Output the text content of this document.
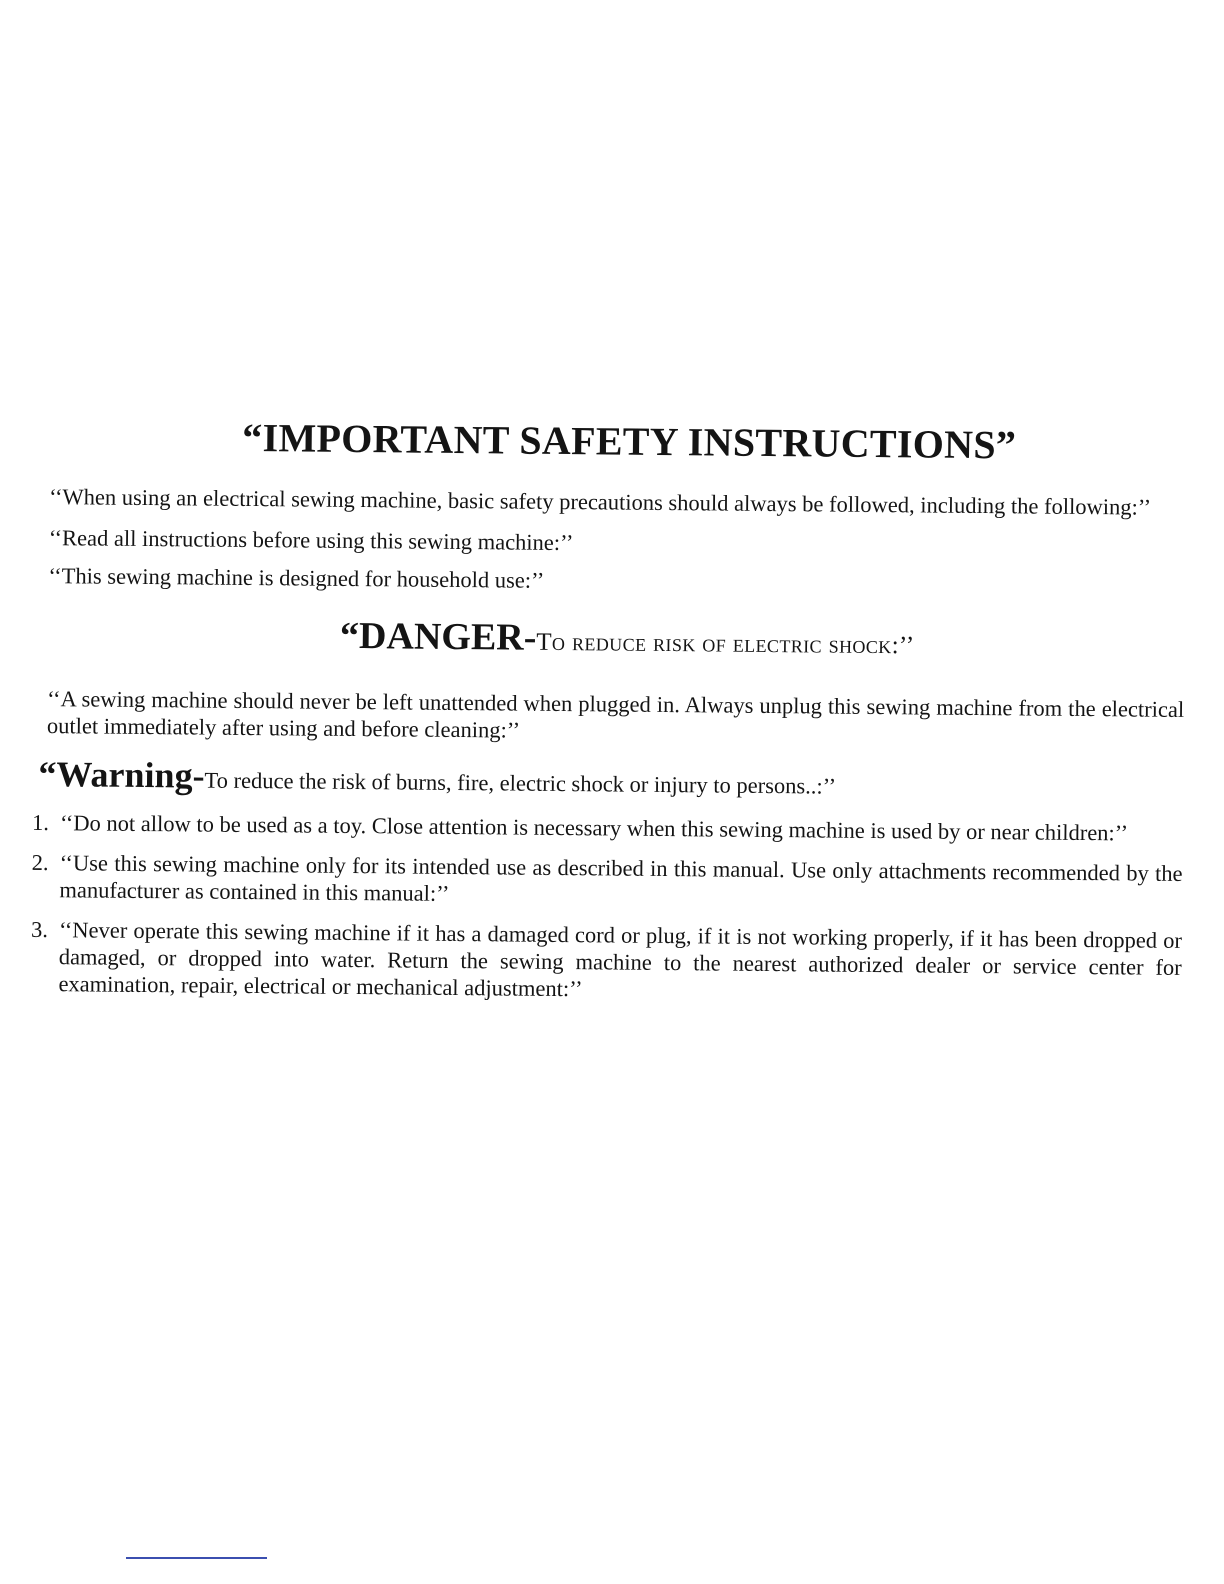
“IMPORTANT SAFETY INSTRUCTIONS”

‘‘When using an electrical sewing machine, basic safety precautions should always be followed, including the following:’’

‘‘Read all instructions before using this sewing machine:’’

‘‘This sewing machine is designed for household use:’’

“DANGER-To reduce risk of electric shock:’’

‘‘A sewing machine should never be left unattended when plugged in. Always unplug this sewing machine from the electrical outlet immediately after using and before cleaning:’’

“Warning-To reduce the risk of burns, fire, electric shock or injury to persons..:’’
1. ‘‘Do not allow to be used as a toy. Close attention is necessary when this sewing machine is used by or near children:’’
2. ‘‘Use this sewing machine only for its intended use as described in this manual. Use only attachments recommended by the manufacturer as contained in this manual:’’
3. ‘‘Never operate this sewing machine if it has a damaged cord or plug, if it is not working properly, if it has been dropped or damaged, or dropped into water. Return the sewing machine to the nearest authorized dealer or service center for examination, repair, electrical or mechanical adjustment:’’
